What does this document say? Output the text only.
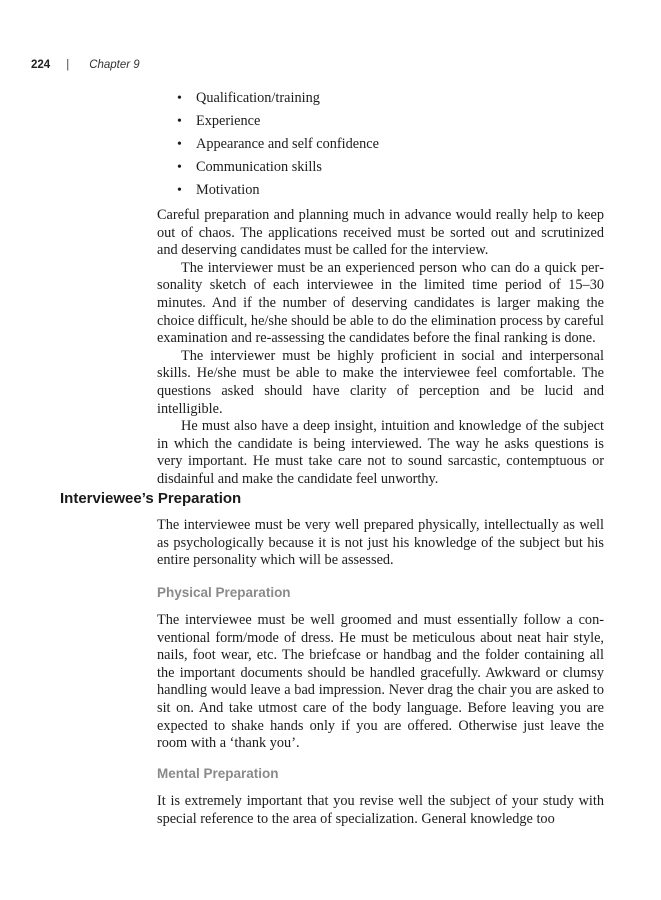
224 | Chapter 9
• Qualification/training
• Experience
• Appearance and self confidence
• Communication skills
• Motivation

Careful preparation and planning much in advance would really help to keep out of chaos. The applications received must be sorted out and scrutinized and deserving candidates must be called for the interview.

The interviewer must be an experienced person who can do a quick personality sketch of each interviewee in the limited time period of 15–30 minutes. And if the number of deserving candidates is larger making the choice difficult, he/she should be able to do the elimination process by careful examination and re-assessing the candidates before the final ranking is done.

The interviewer must be highly proficient in social and interpersonal skills. He/she must be able to make the interviewee feel comfortable. The questions asked should have clarity of perception and be lucid and intelligible.

He must also have a deep insight, intuition and knowledge of the subject in which the candidate is being interviewed. The way he asks questions is very important. He must take care not to sound sarcastic, contemptuous or disdainful and make the candidate feel unworthy.

Interviewee’s Preparation

The interviewee must be very well prepared physically, intellectually as well as psychologically because it is not just his knowledge of the subject but his entire personality which will be assessed.

Physical Preparation

The interviewee must be well groomed and must essentially follow a conventional form/mode of dress. He must be meticulous about neat hair style, nails, foot wear, etc. The briefcase or handbag and the folder containing all the important documents should be handled gracefully. Awkward or clumsy handling would leave a bad impression. Never drag the chair you are asked to sit on. And take utmost care of the body language. Before leaving you are expected to shake hands only if you are offered. Otherwise just leave the room with a ‘thank you’.

Mental Preparation

It is extremely important that you revise well the subject of your study with special reference to the area of specialization. General knowledge too
